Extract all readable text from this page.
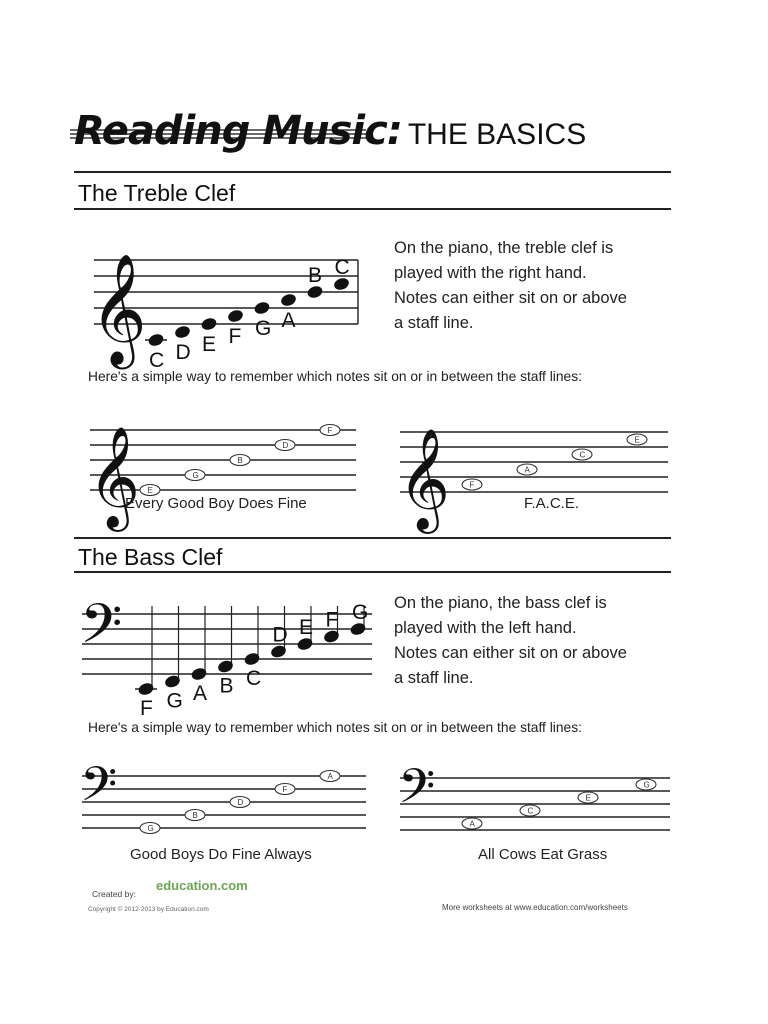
Reading Music: THE BASICS
The Treble Clef
𝄞 C D E F G A
B C
On the piano, the treble clef is
played with the right hand.
Notes can either sit on or above
a staff line.
Here's a simple way to remember which notes sit on or in between the staff lines:
𝄞 E
G
B
D
F
Every Good Boy Does Fine 𝄞 F
A
C
E
F.A.C.E.
The Bass Clef
𝄢
F G A B C
D E F G On the piano, the bass clef is
played with the left hand.
Notes can either sit on or above
a staff line.
Here's a simple way to remember which notes sit on or in between the staff lines:
𝄢
G
B
D
F
A
Good Boys Do Fine Always
𝄢	A
C
E
G
All Cows Eat Grass
Created by:
education.com
Copyright © 2012-2013 by Education.com	More worksheets at www.education.com/worksheets
